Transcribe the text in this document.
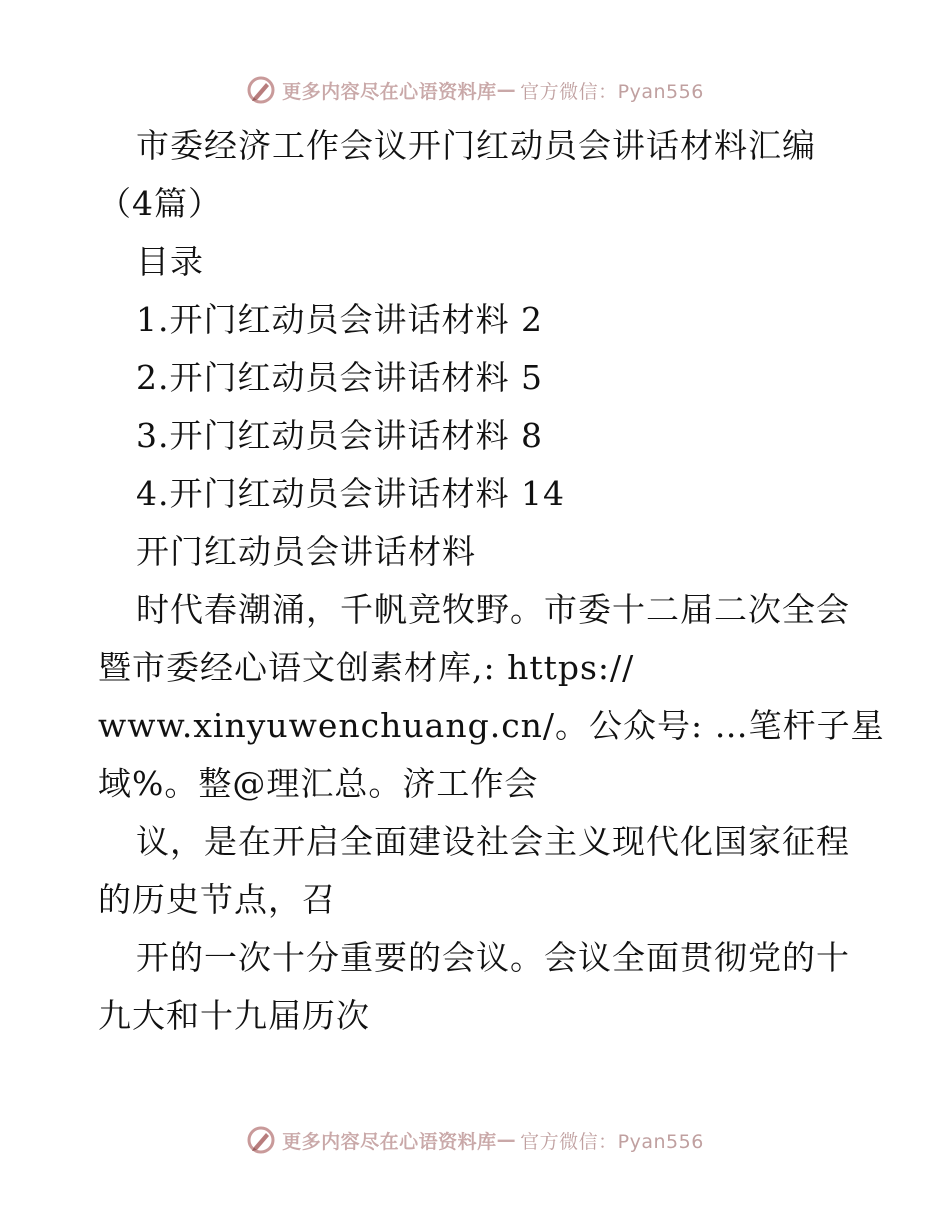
更多内容尽在心语资料库 — 官方微信：Pyan556
市委经济工作会议开门红动员会讲话材料汇编
（4篇）
目录
1.开门红动员会讲话材料 2
2.开门红动员会讲话材料 5
3.开门红动员会讲话材料 8
4.开门红动员会讲话材料 14
开门红动员会讲话材料
时代春潮涌，千帆竞牧野。市委十二届二次全会
暨市委经心语文创素材库,: https://
www.xinyuwenchuang.cn/。公众号: …笔杆子星
域%。整@理汇总。济工作会
议，是在开启全面建设社会主义现代化国家征程
的历史节点，召
开的一次十分重要的会议。会议全面贯彻党的十
九大和十九届历次
更多内容尽在心语资料库 — 官方微信：Pyan556
